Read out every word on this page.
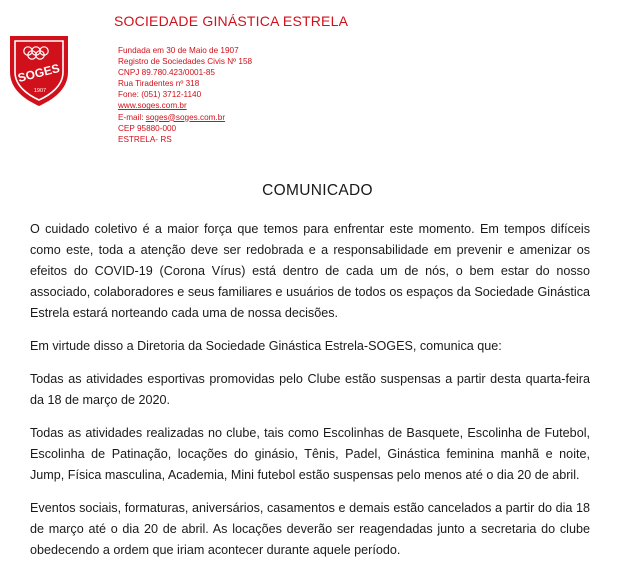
SOGES
1907
SOCIEDADE GINÁSTICA ESTRELA
Fundada em 30 de Maio de 1907
Registro de Sociedades Civis Nº 158
CNPJ 89.780.423/0001-85
Rua Tiradentes nº 318
Fone: (051) 3712-1140
www.soges.com.br
E-mail: soges@soges.com.br
CEP 95880-000
ESTRELA- RS
COMUNICADO

O cuidado coletivo é a maior força que temos para enfrentar este momento. Em tempos difíceis como este, toda a atenção deve ser redobrada e a responsabilidade em prevenir e amenizar os efeitos do COVID-19 (Corona Vírus) está dentro de cada um de nós, o bem estar do nosso associado, colaboradores e seus familiares e usuários de todos os espaços da Sociedade Ginástica Estrela estará norteando cada uma de nossa decisões.

Em virtude disso a Diretoria da Sociedade Ginástica Estrela-SOGES, comunica que:

Todas as atividades esportivas promovidas pelo Clube estão suspensas a partir desta quarta-feira da 18 de março de 2020.

Todas as atividades realizadas no clube, tais como Escolinhas de Basquete, Escolinha de Futebol, Escolinha de Patinação, locações do ginásio, Tênis, Padel, Ginástica feminina manhã e noite, Jump, Física masculina, Academia, Mini futebol estão suspensas pelo menos até o dia 20 de abril.

Eventos sociais, formaturas, aniversários, casamentos e demais estão cancelados a partir do dia 18 de março até o dia 20 de abril. As locações deverão ser reagendadas junto a secretaria do clube obedecendo a ordem que iriam acontecer durante aquele período.
